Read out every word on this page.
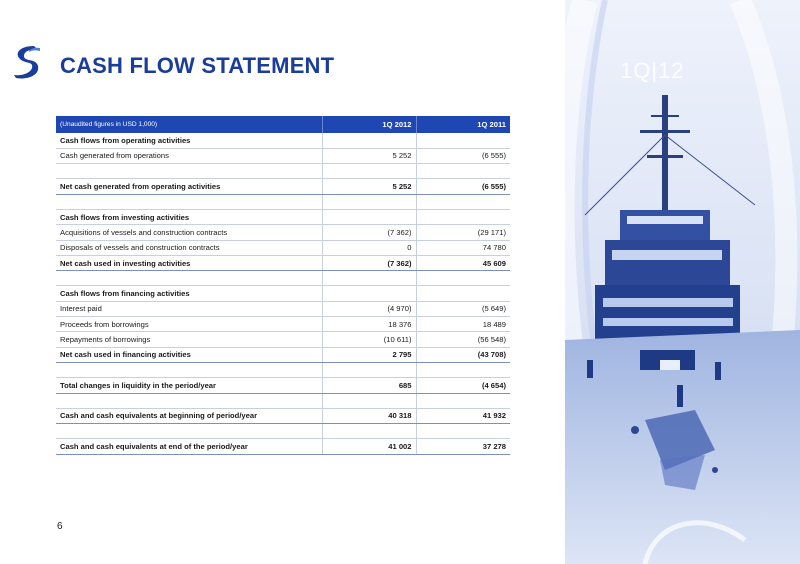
CASH FLOW STATEMENT
(Unaudited figures in USD 1,000)	1Q 2012	1Q 2011
Cash flows from operating activities		
Cash generated from operations	5 252	(6 555)

Net cash generated from operating activities	5 252	(6 555)

Cash flows from investing activities		
Acquisitions of vessels and construction contracts	(7 362)	(29 171)
Disposals of vessels and construction contracts	0	74 780
Net cash used in investing activities	(7 362)	45 609

Cash flows from financing activities		
Interest paid	(4 970)	(5 649)
Proceeds from borrowings	18 376	18 489
Repayments of borrowings	(10 611)	(56 548)
Net cash used in financing activities	2 795	(43 708)

Total changes in liquidity in the period/year	685	(4 654)

Cash and cash equivalents at beginning of period/year	40 318	41 932

Cash and cash equivalents at end of the period/year	41 002	37 278
6
1Q|12
